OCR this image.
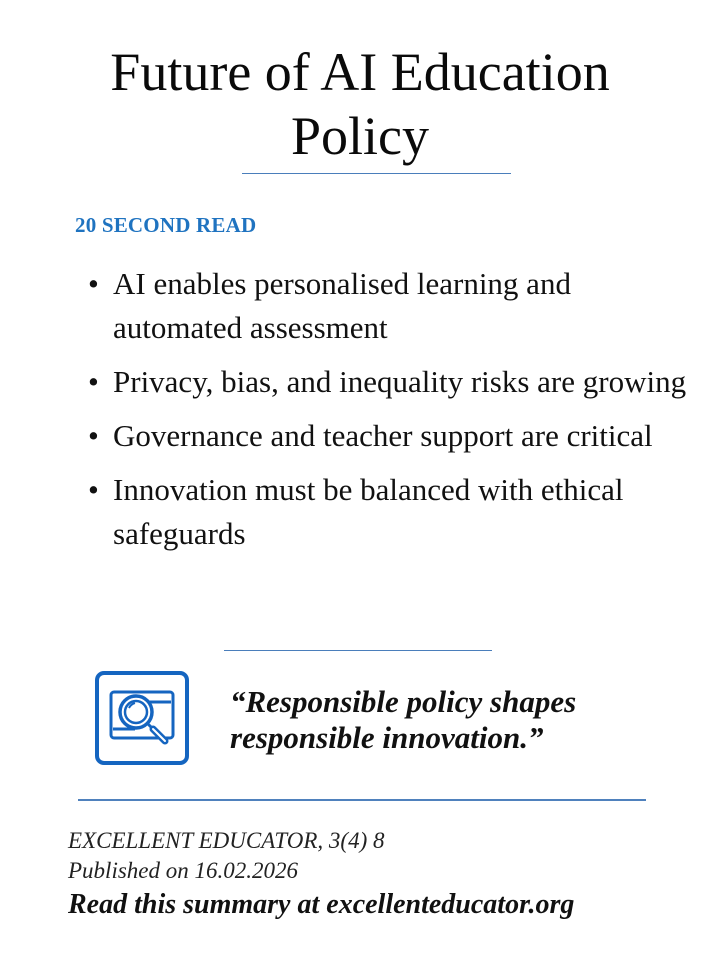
Future of AI Education
Policy
20 SECOND READ
• AI enables personalised learning and automated assessment
• Privacy, bias, and inequality risks are growing
• Governance and teacher support are critical
• Innovation must be balanced with ethical safeguards
“Responsible policy shapes responsible innovation.”
EXCELLENT EDUCATOR, 3(4) 8
Published on 16.02.2026
Read this summary at excellenteducator.org
